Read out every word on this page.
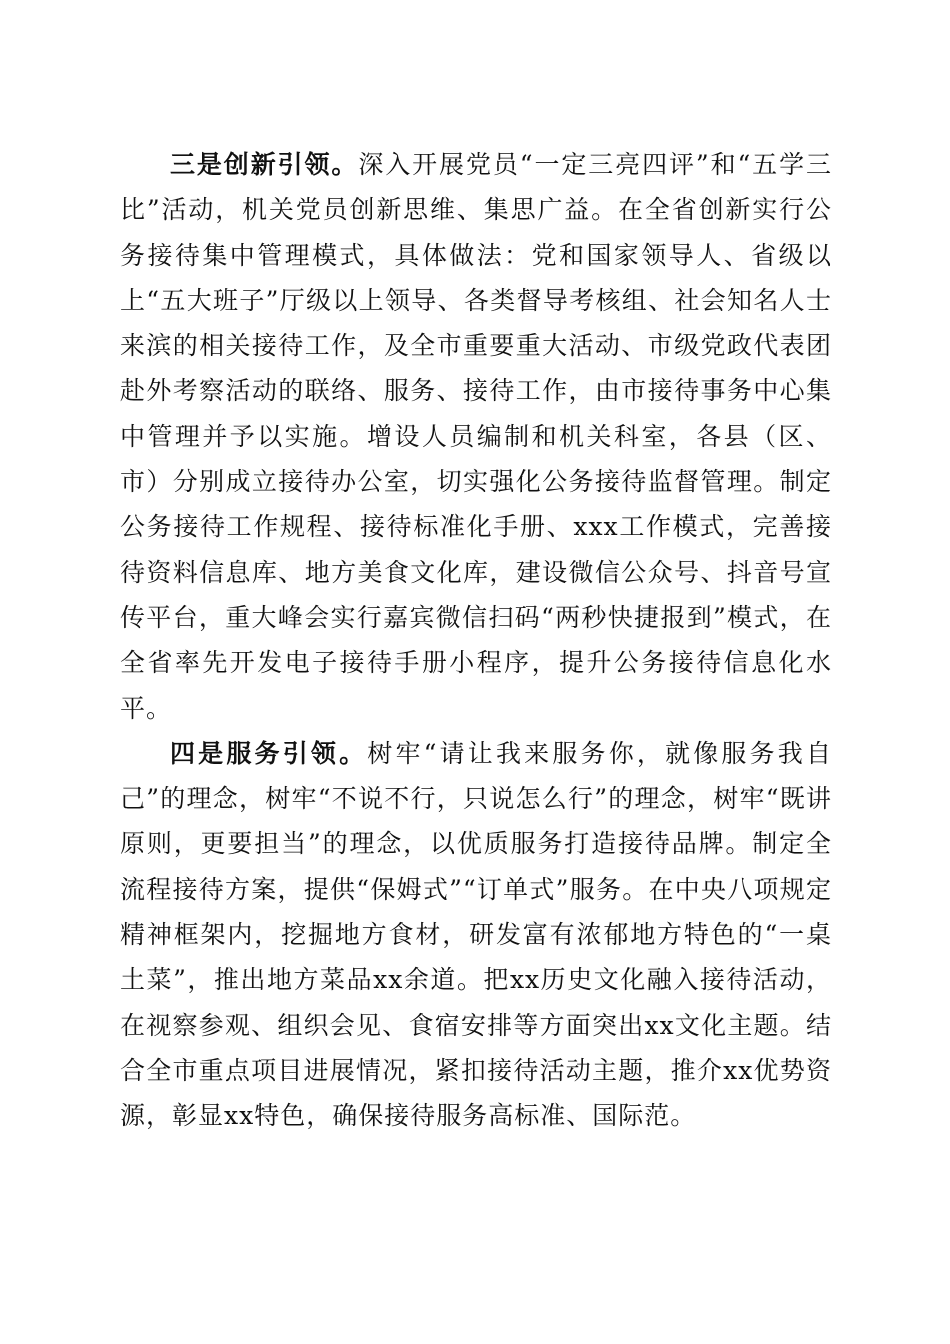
三是创新引领。深入开展党员“一定三亮四评”和“五学三比”活动，机关党员创新思维、集思广益。在全省创新实行公务接待集中管理模式，具体做法：党和国家领导人、省级以上“五大班子”厅级以上领导、各类督导考核组、社会知名人士来滨的相关接待工作，及全市重要重大活动、市级党政代表团赴外考察活动的联络、服务、接待工作，由市接待事务中心集中管理并予以实施。增设人员编制和机关科室，各县（区、市）分别成立接待办公室，切实强化公务接待监督管理。制定公务接待工作规程、接待标准化手册、xxx工作模式，完善接待资料信息库、地方美食文化库，建设微信公众号、抖音号宣传平台，重大峰会实行嘉宾微信扫码“两秒快捷报到”模式，在全省率先开发电子接待手册小程序，提升公务接待信息化水平。

四是服务引领。树牢“请让我来服务你，就像服务我自己”的理念，树牢“不说不行，只说怎么行”的理念，树牢“既讲原则，更要担当”的理念，以优质服务打造接待品牌。制定全流程接待方案，提供“保姆式”“订单式”服务。在中央八项规定精神框架内，挖掘地方食材，研发富有浓郁地方特色的“一桌土菜”，推出地方菜品xx余道。把xx历史文化融入接待活动，在视察参观、组织会见、食宿安排等方面突出xx文化主题。结合全市重点项目进展情况，紧扣接待活动主题，推介xx优势资源，彰显xx特色，确保接待服务高标准、国际范。
